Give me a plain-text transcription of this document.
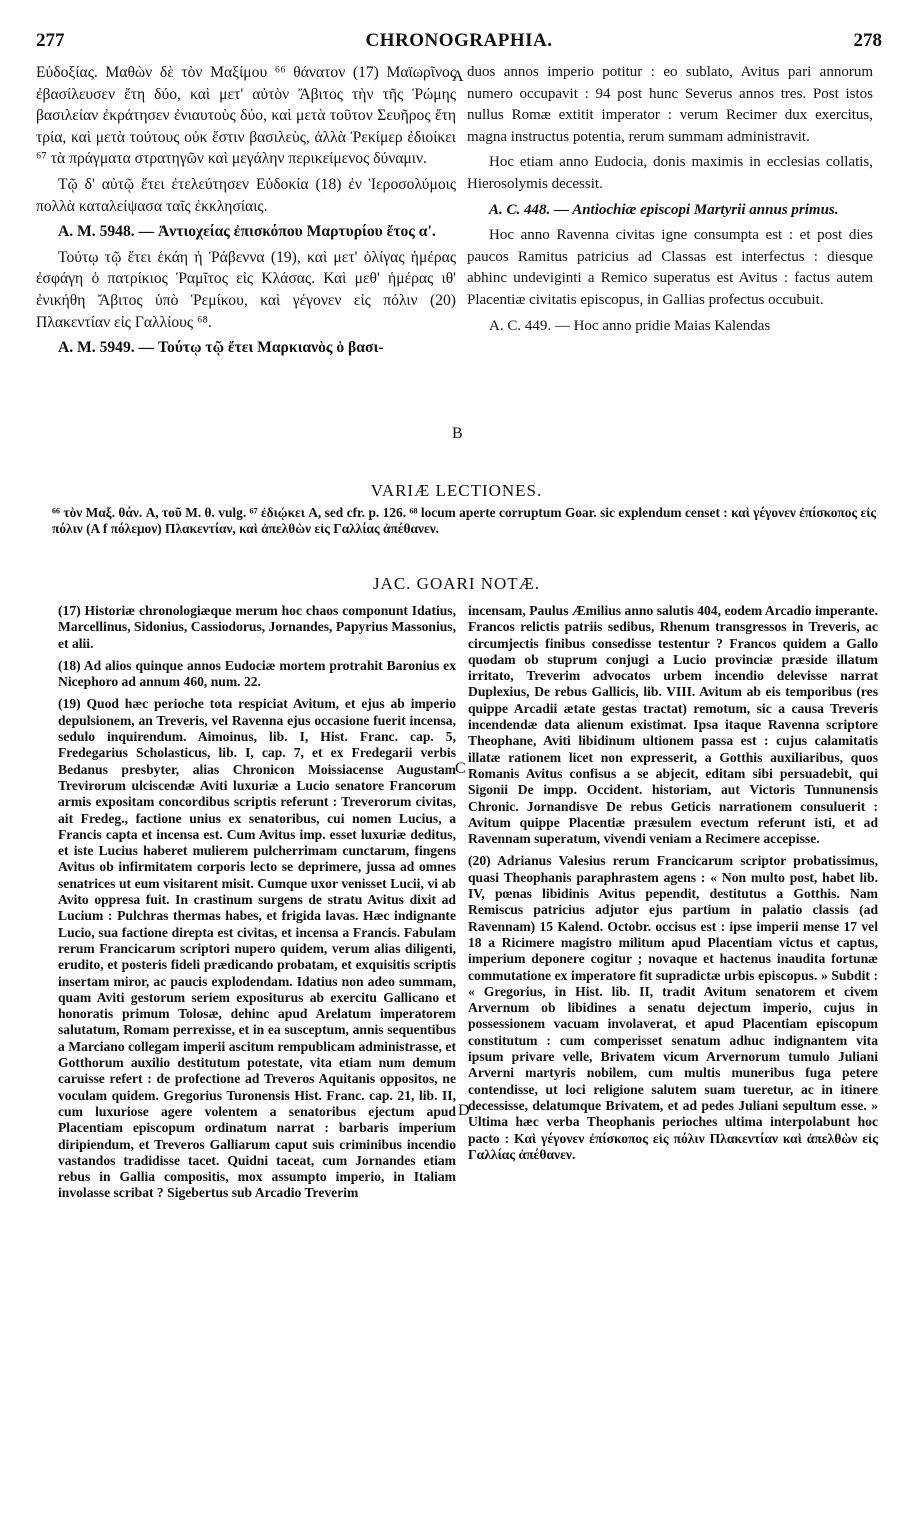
277	CHRONOGRAPHIA.	278

Εὐδοξίας. Μαθὼν δὲ τὸν Μαξίμου ⁶⁶ θάνατον (17) Μαϊωρῖνος ἐβασίλευσεν ἔτη δύο, καὶ μετ' αὐτὸν Ἄβιτος τὴν τῆς Ῥώμης βασιλείαν ἐκράτησεν ἐνιαυτοὺς δύο, καὶ μετὰ τοῦτον Σευῆρος ἔτη τρία, καὶ μετὰ τούτους οὐκ ἔστιν βασιλεὺς, ἀλλὰ Ῥεκίμερ ἐδιοίκει ⁶⁷ τὰ πράγματα στρατηγῶν καὶ μεγάλην περικείμενος δύναμιν.

Τῷ δ' αὐτῷ ἔτει ἐτελεύτησεν Εὐδοκία (18) ἐν Ἱεροσολύμοις πολλὰ καταλείψασα ταῖς ἐκκλησίαις.

A. M. 5948. — Ἀντιοχείας ἐπισκόπου Μαρτυρίου ἔτος α'.

Τούτῳ τῷ ἔτει ἑκάη ἡ Ῥάβεννα (19), καὶ μετ' ὀλίγας ἡμέρας ἐσφάγη ὁ πατρίκιος Ῥαμῖτος εἰς Κλάσας. Καὶ μεθ' ἡμέρας ιθ' ἐνικήθη Ἄβιτος ὑπὸ Ῥεμίκου, καὶ γέγονεν εἰς πόλιν (20) Πλακεντίαν εἰς Γαλλίους ⁶⁸.

A. M. 5949. — Τούτῳ τῷ ἔτει Μαρκιανὸς ὁ βασι-

A
B

duos annos imperio potitur : eo sublato, Avitus pari annorum numero occupavit : 94 post hunc Severus annos tres. Post istos nullus Romæ extitit imperator : verum Recimer dux exercitus, magna instructus potentia, rerum summam administravit.

Hoc etiam anno Eudocia, donis maximis in ecclesias collatis, Hierosolymis decessit.

A. C. 448. — Antiochiæ episcopi Martyrii annus primus.

Hoc anno Ravenna civitas igne consumpta est : et post dies paucos Ramitus patricius ad Classas est interfectus : diesque abhinc undeviginti a Remico superatus est Avitus : factus autem Placentiæ civitatis episcopus, in Gallias profectus occubuit.

A. C. 449. — Hoc anno pridie Maias Kalendas

VARIÆ LECTIONES.
⁶⁶ τὸν Μαξ. θάν. A, τοῦ M. θ. vulg. ⁶⁷ ἐδιῴκει A, sed cfr. p. 126. ⁶⁸ locum aperte corruptum Goar. sic explendum censet : καὶ γέγονεν ἐπίσκοπος εἰς πόλιν (A f πόλεμον) Πλακεντίαν, καὶ ἀπελθὼν εἰς Γαλλίας ἀπέθανεν.
JAC. GOARI NOTÆ.

(17) Historiæ chronologiæque merum hoc chaos componunt Idatius, Marcellinus, Sidonius, Cassiodorus, Jornandes, Papyrius Massonius, et alii.

(18) Ad alios quinque annos Eudociæ mortem protrahit Baronius ex Nicephoro ad annum 460, num. 22.

(19) Quod hæc perioche tota respiciat Avitum, et ejus ab imperio depulsionem, an Treveris, vel Ravenna ejus occasione fuerit incensa, sedulo inquirendum. Aimoinus, lib. I, Hist. Franc. cap. 5, Fredegarius Scholasticus, lib. I, cap. 7, et ex Fredegarii verbis Bedanus presbyter, alias Chronicon Moissiacense Augustam Trevirorum ulciscendæ Aviti luxuriæ a Lucio senatore Francorum armis expositam concordibus scriptis referunt : Treverorum civitas, ait Fredeg., factione unius ex senatoribus, cui nomen Lucius, a Francis capta et incensa est. Cum Avitus imp. esset luxuriæ deditus, et iste Lucius haberet mulierem pulcherrimam cunctarum, fingens Avitus ob infirmitatem corporis lecto se deprimere, jussa ad omnes senatrices ut eum visitarent misit. Cumque uxor venisset Lucii, vi ab Avito oppresa fuit. In crastinum surgens de stratu Avitus dixit ad Lucium : Pulchras thermas habes, et frigida lavas. Hæc indignante Lucio, sua factione direpta est civitas, et incensa a Francis. Fabulam rerum Francicarum scriptori nupero quidem, verum alias diligenti, erudito, et posteris fideli prædicando probatam, et exquisitis scriptis insertam miror, ac paucis explodendam. Idatius non adeo summam, quam Aviti gestorum seriem expositurus ab exercitu Gallicano et honoratis primum Tolosæ, dehinc apud Arelatum imperatorem salutatum, Romam perrexisse, et in ea susceptum, annis sequentibus a Marciano collegam imperii ascitum rempublicam administrasse, et Gotthorum auxilio destitutum potestate, vita etiam num demum caruisse refert : de profectione ad Treveros Aquitanis oppositos, ne voculam quidem. Gregorius Turonensis Hist. Franc. cap. 21, lib. II, cum luxuriose agere volentem a senatoribus ejectum apud Placentiam episcopum ordinatum narrat : barbaris imperium diripiendum, et Treveros Galliarum caput suis criminibus incendio vastandos tradidisse tacet. Quidni taceat, cum Jornandes etiam rebus in Gallia compositis, mox assumpto imperio, in Italiam involasse scribat ? Sigebertus sub Arcadio Treverim

C
D

incensam, Paulus Æmilius anno salutis 404, eodem Arcadio imperante. Francos relictis patriis sedibus, Rhenum transgressos in Treveris, ac circumjectis finibus consedisse testentur ? Francos quidem a Gallo quodam ob stuprum conjugi a Lucio provinciæ præside illatum irritato, Treverim advocatos urbem incendio delevisse narrat Duplexius, De rebus Gallicis, lib. VIII. Avitum ab eis temporibus (res quippe Arcadii ætate gestas tractat) remotum, sic a causa Treveris incendendæ data alienum existimat. Ipsa itaque Ravenna scriptore Theophane, Aviti libidinum ultionem passa est : cujus calamitatis illatæ rationem licet non expresserit, a Gotthis auxiliaribus, quos Romanis Avitus confisus a se abjecit, editam sibi persuadebit, qui Sigonii De impp. Occident. historiam, aut Victoris Tunnunensis Chronic. Jornandisve De rebus Geticis narrationem consuluerit : Avitum quippe Placentiæ præsulem evectum referunt isti, et ad Ravennam superatum, vivendi veniam a Recimere accepisse.

(20) Adrianus Valesius rerum Francicarum scriptor probatissimus, quasi Theophanis paraphrastem agens : « Non multo post, habet lib. IV, pœnas libidinis Avitus pependit, destitutus a Gotthis. Nam Remiscus patricius adjutor ejus partium in palatio classis (ad Ravennam) 15 Kalend. Octobr. occisus est : ipse imperii mense 17 vel 18 a Ricimere magistro militum apud Placentiam victus et captus, imperium deponere cogitur ; novaque et hactenus inaudita fortunæ commutatione ex imperatore fit supradictæ urbis episcopus. » Subdit : « Gregorius, in Hist. lib. II, tradit Avitum senatorem et civem Arvernum ob libidines a senatu dejectum imperio, cujus in possessionem vacuam involaverat, et apud Placentiam episcopum constitutum : cum comperisset senatum adhuc indignantem vita ipsum privare velle, Brivatem vicum Arvernorum tumulo Juliani Arverni martyris nobilem, cum multis muneribus fuga petere contendisse, ut loci religione salutem suam tueretur, ac in itinere decessisse, delatumque Brivatem, et ad pedes Juliani sepultum esse. » Ultima hæc verba Theophanis perioches ultima interpolabunt hoc pacto : Καὶ γέγονεν ἐπίσκοπος εἰς πόλιν Πλακεντίαν καὶ ἀπελθὼν εἰς Γαλλίας ἀπέθανεν.
